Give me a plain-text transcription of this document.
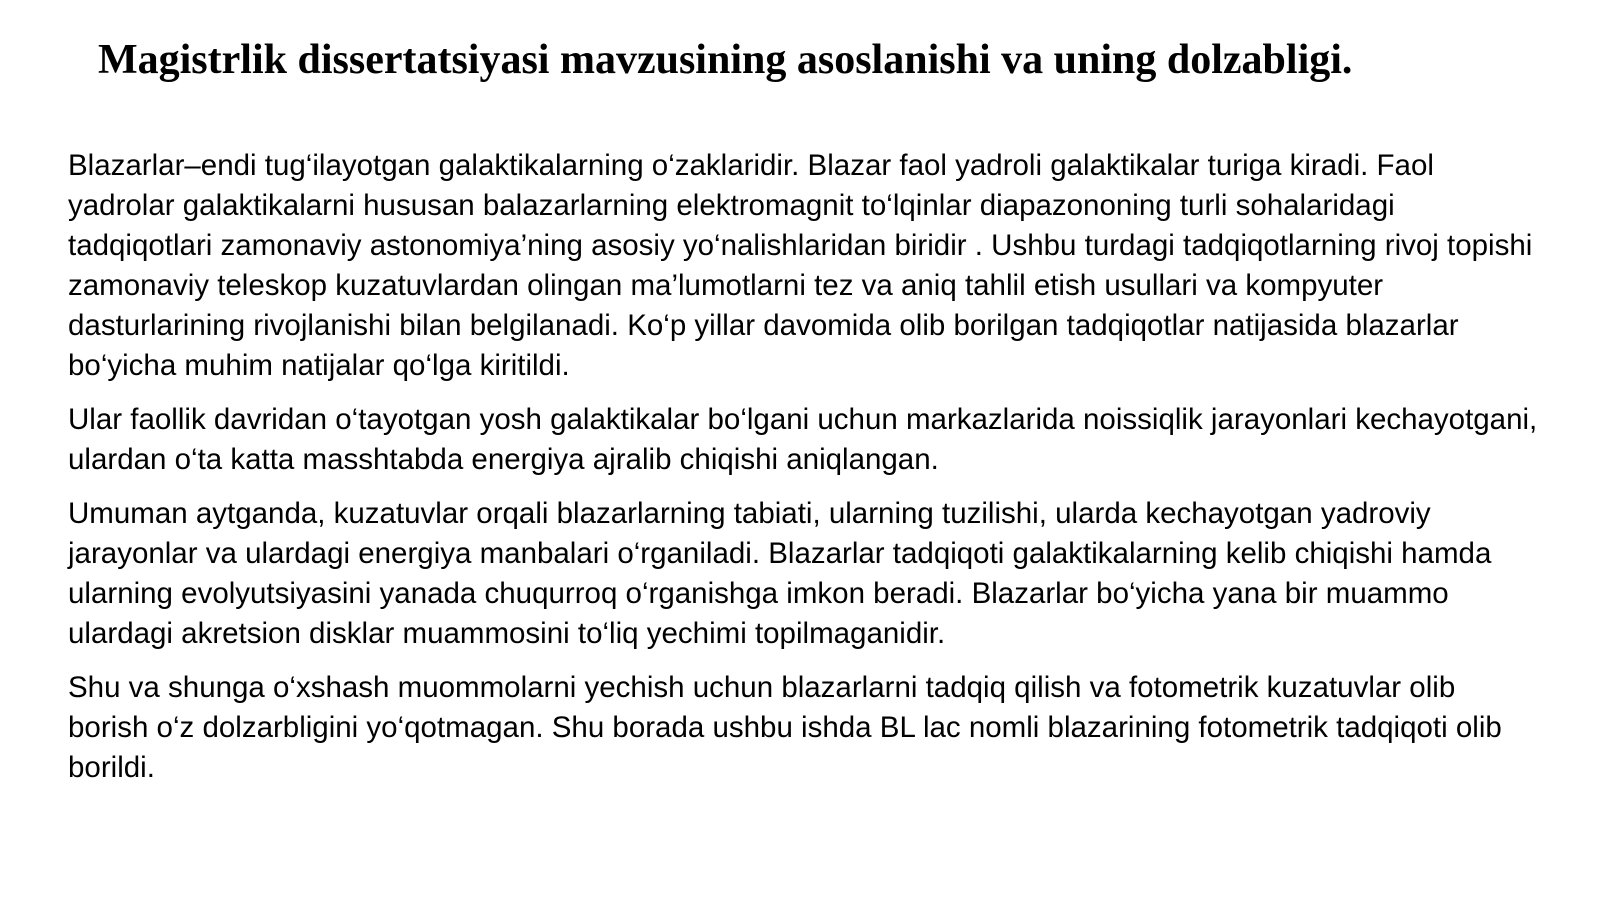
Magistrlik dissertatsiyasi mavzusining asoslanishi va uning dolzabligi.

Blazarlar–endi tug‘ilayotgan galaktikalarning o‘zaklaridir. Blazar faol yadroli galaktikalar turiga kiradi. Faol yadrolar galaktikalarni hususan balazarlarning elektromagnit to‘lqinlar diapazononing turli sohalaridagi tadqiqotlari zamonaviy astonomiya’ning asosiy yo‘nalishlaridan biridir . Ushbu turdagi tadqiqotlarning rivoj topishi zamonaviy teleskop kuzatuvlardan olingan ma’lumotlarni tez va aniq tahlil etish usullari va kompyuter dasturlarining rivojlanishi bilan belgilanadi. Ko‘p yillar davomida olib borilgan tadqiqotlar natijasida blazarlar bo‘yicha muhim natijalar qo‘lga kiritildi.

Ular faollik davridan o‘tayotgan yosh galaktikalar bo‘lgani uchun markazlarida noissiqlik jarayonlari kechayotgani, ulardan o‘ta katta masshtabda energiya ajralib chiqishi aniqlangan.

Umuman aytganda, kuzatuvlar orqali blazarlarning tabiati, ularning tuzilishi, ularda kechayotgan yadroviy jarayonlar va ulardagi energiya manbalari o‘rganiladi. Blazarlar tadqiqoti galaktikalarning kelib chiqishi hamda ularning evolyutsiyasini yanada chuqurroq o‘rganishga imkon beradi. Blazarlar bo‘yicha yana bir muammo ulardagi akretsion disklar muammosini to‘liq yechimi topilmaganidir.

Shu va shunga o‘xshash muommolarni yechish uchun blazarlarni tadqiq qilish va fotometrik kuzatuvlar olib borish o‘z dolzarbligini yo‘qotmagan. Shu borada ushbu ishda BL lac nomli blazarining fotometrik tadqiqoti olib borildi.
